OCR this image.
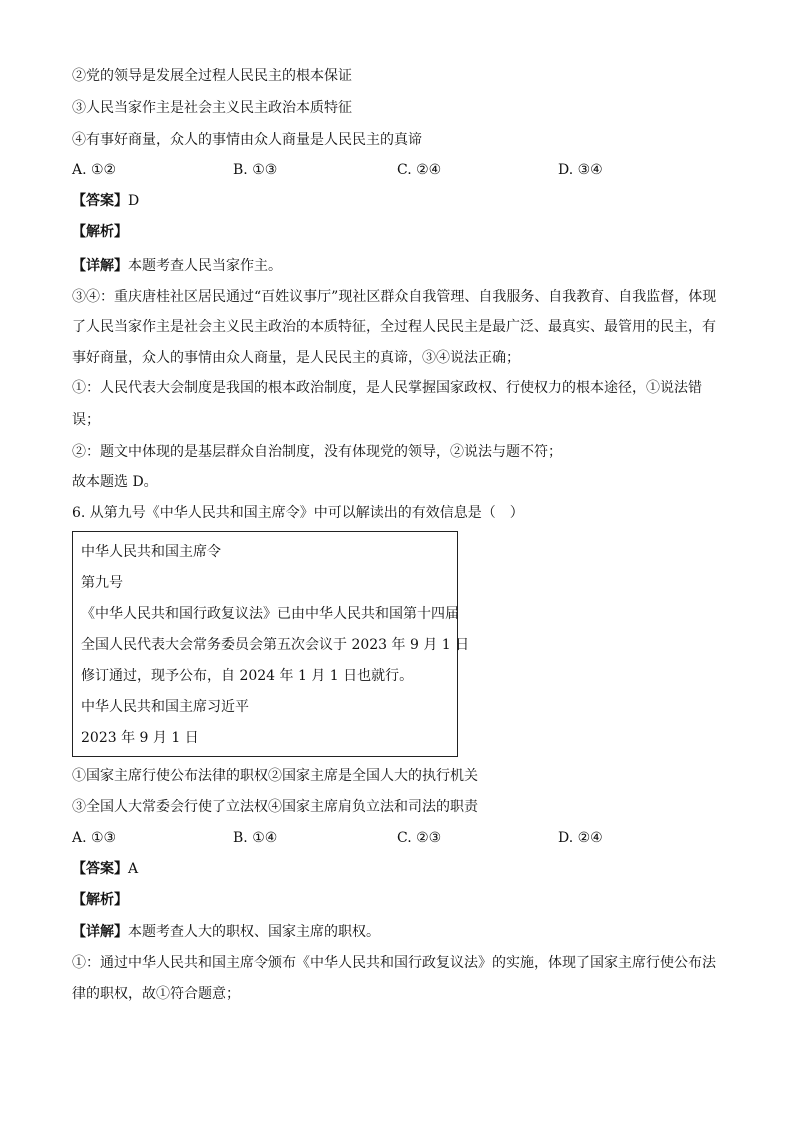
②党的领导是发展全过程人民民主的根本保证
③人民当家作主是社会主义民主政治本质特征
④有事好商量，众人的事情由众人商量是人民民主的真谛
A. ①②	B. ①③	C. ②④	D. ③④
【答案】D
【解析】
【详解】本题考查人民当家作主。
③④：重庆唐桂社区居民通过“百姓议事厅”现社区群众自我管理、自我服务、自我教育、自我监督，体现
了人民当家作主是社会主义民主政治的本质特征，全过程人民民主是最广泛、最真实、最管用的民主，有
事好商量，众人的事情由众人商量，是人民民主的真谛，③④说法正确；
①：人民代表大会制度是我国的根本政治制度，是人民掌握国家政权、行使权力的根本途径，①说法错
误；
②：题文中体现的是基层群众自治制度，没有体现党的领导，②说法与题不符；
故本题选 D。
6. 从第九号《中华人民共和国主席令》中可以解读出的有效信息是（　）
中华人民共和国主席令
第九号
《中华人民共和国行政复议法》已由中华人民共和国第十四届
全国人民代表大会常务委员会第五次会议于 2023 年 9 月 1 日
修订通过，现予公布，自 2024 年 1 月 1 日也就行。
中华人民共和国主席习近平
2023 年 9 月 1 日
①国家主席行使公布法律的职权②国家主席是全国人大的执行机关
③全国人大常委会行使了立法权④国家主席肩负立法和司法的职责
A. ①③	B. ①④	C. ②③	D. ②④
【答案】A
【解析】
【详解】本题考查人大的职权、国家主席的职权。
①：通过中华人民共和国主席令颁布《中华人民共和国行政复议法》的实施，体现了国家主席行使公布法
律的职权，故①符合题意；
